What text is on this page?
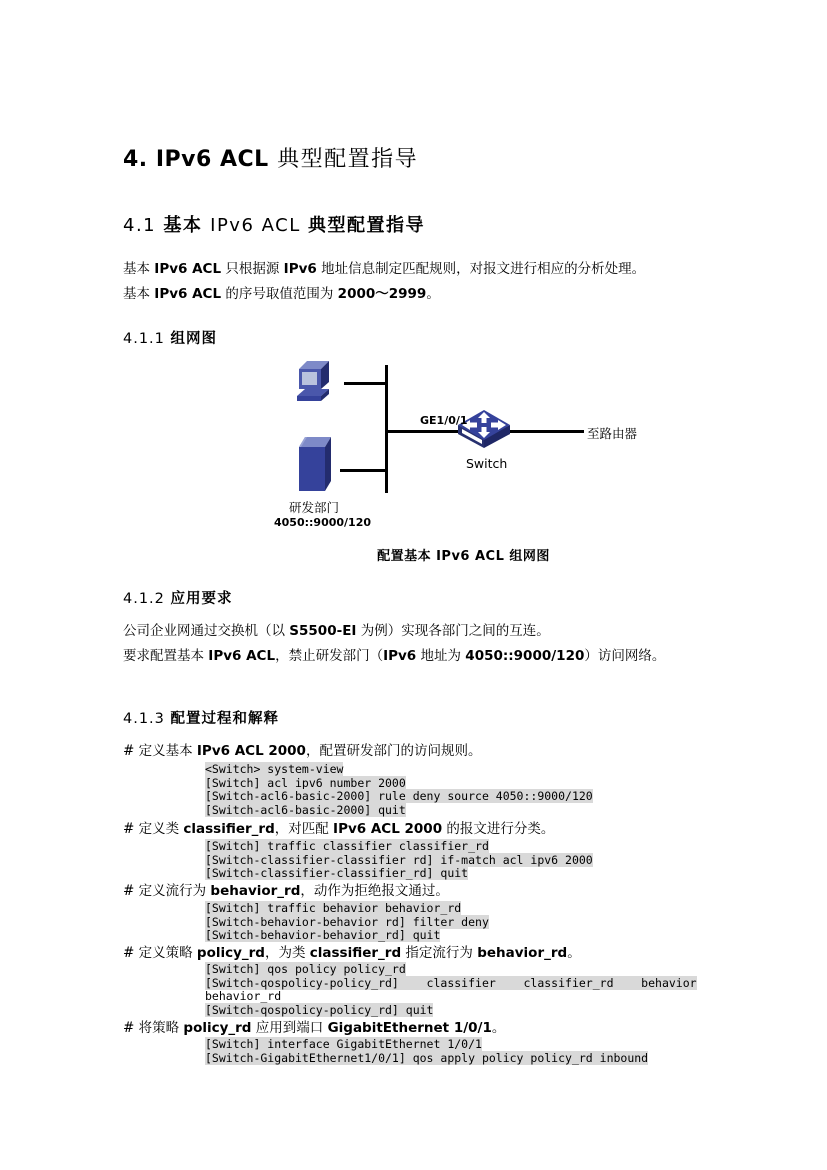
4. IPv6 ACL 典型配置指导
4.1 基本 IPv6 ACL 典型配置指导
基本 IPv6 ACL 只根据源 IPv6 地址信息制定匹配规则，对报文进行相应的分析处理。
基本 IPv6 ACL 的序号取值范围为 2000～2999。
4.1.1 组网图
GE1/0/1
Switch
至路由器
研发部门
4050::9000/120
配置基本 IPv6 ACL 组网图
4.1.2 应用要求
公司企业网通过交换机（以 S5500-EI 为例）实现各部门之间的互连。
要求配置基本 IPv6 ACL，禁止研发部门（IPv6 地址为 4050::9000/120）访问网络。
4.1.3 配置过程和解释
# 定义基本 IPv6 ACL 2000，配置研发部门的访问规则。
<Switch> system-view
[Switch] acl ipv6 number 2000
[Switch-acl6-basic-2000] rule deny source 4050::9000/120
[Switch-acl6-basic-2000] quit
# 定义类 classifier_rd，对匹配 IPv6 ACL 2000 的报文进行分类。
[Switch] traffic classifier classifier_rd
[Switch-classifier-classifier_rd] if-match acl ipv6 2000
[Switch-classifier-classifier_rd] quit
# 定义流行为 behavior_rd，动作为拒绝报文通过。
[Switch] traffic behavior behavior_rd
[Switch-behavior-behavior_rd] filter deny
[Switch-behavior-behavior_rd] quit
# 定义策略 policy_rd，为类 classifier_rd 指定流行为 behavior_rd。
[Switch] qos policy policy_rd
[Switch-qospolicy-policy_rd]    classifier    classifier_rd    behavior
behavior_rd
[Switch-qospolicy-policy_rd] quit
# 将策略 policy_rd 应用到端口 GigabitEthernet 1/0/1。
[Switch] interface GigabitEthernet 1/0/1
[Switch-GigabitEthernet1/0/1] qos apply policy policy_rd inbound
